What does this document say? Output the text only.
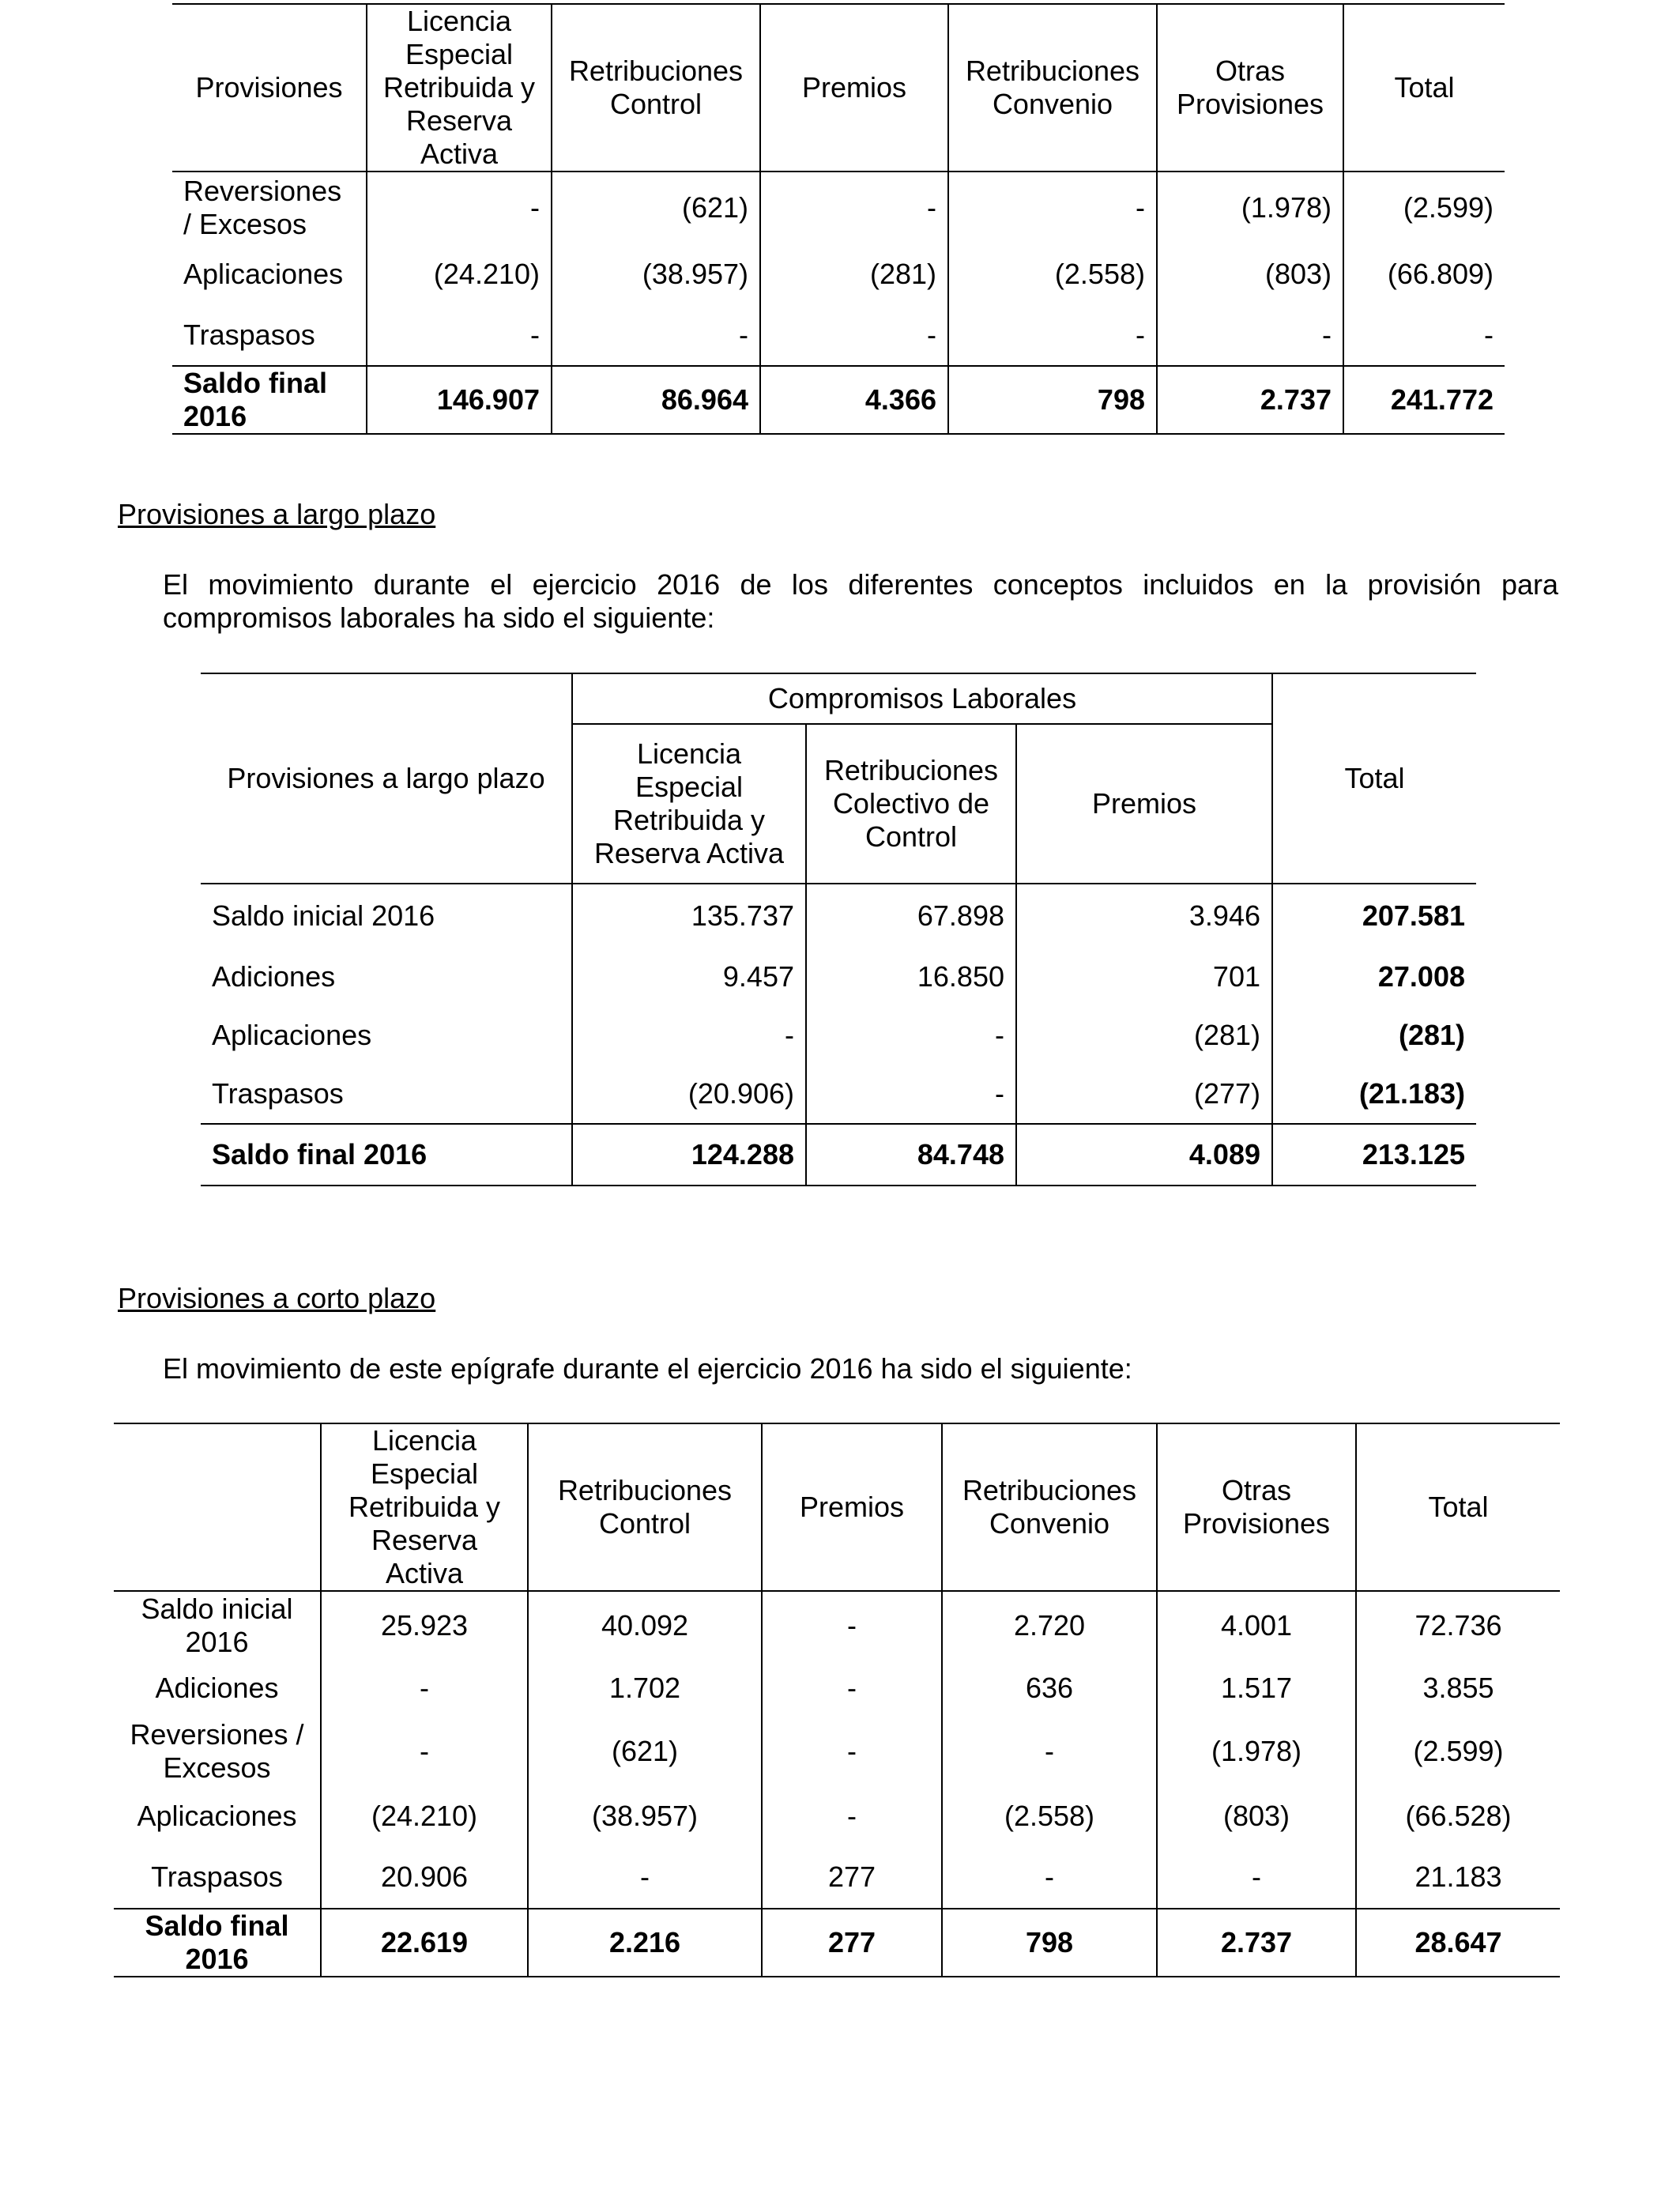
Provisiones	Licencia Especial Retribuida y Reserva Activa	Retribuciones Control	Premios	Retribuciones Convenio	Otras Provisiones	Total
Reversiones / Excesos	-	(621)	-	-	(1.978)	(2.599)
Aplicaciones	(24.210)	(38.957)	(281)	(2.558)	(803)	(66.809)
Traspasos	-	-	-	-	-	-
Saldo final 2016	146.907	86.964	4.366	798	2.737	241.772
Provisiones a largo plazo

El movimiento durante el ejercicio 2016 de los diferentes conceptos incluidos en la provisión para compromisos laborales ha sido el siguiente:

Provisiones a largo plazo	Compromisos Laborales			Total
	Licencia Especial Retribuida y Reserva Activa	Retribuciones Colectivo de Control	Premios	
Saldo inicial 2016	135.737	67.898	3.946	207.581
Adiciones	9.457	16.850	701	27.008
Aplicaciones	-	-	(281)	(281)
Traspasos	(20.906)	-	(277)	(21.183)
Saldo final 2016	124.288	84.748	4.089	213.125
Provisiones a corto plazo

El movimiento de este epígrafe durante el ejercicio 2016 ha sido el siguiente:

	Licencia Especial Retribuida y Reserva Activa	Retribuciones Control	Premios	Retribuciones Convenio	Otras Provisiones	Total
Saldo inicial 2016	25.923	40.092	-	2.720	4.001	72.736
Adiciones	-	1.702	-	636	1.517	3.855
Reversiones / Excesos	-	(621)	-	-	(1.978)	(2.599)
Aplicaciones	(24.210)	(38.957)	-	(2.558)	(803)	(66.528)
Traspasos	20.906	-	277	-	-	21.183
Saldo final 2016	22.619	2.216	277	798	2.737	28.647
